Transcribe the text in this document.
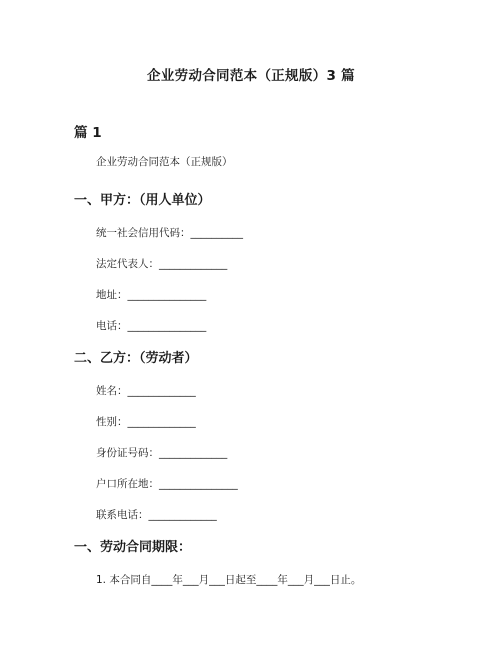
企业劳动合同范本（正规版）3 篇
篇 1
企业劳动合同范本（正规版）
一、甲方：（用人单位）
统一社会信用代码：__________
法定代表人：_____________
地址：_______________
电话：_______________
二、乙方：（劳动者）
姓名：_____________
性别：_____________
身份证号码：_____________
户口所在地：_______________
联系电话：_____________
一、劳动合同期限：
1. 本合同自____年___月___日起至____年___月___日止。
